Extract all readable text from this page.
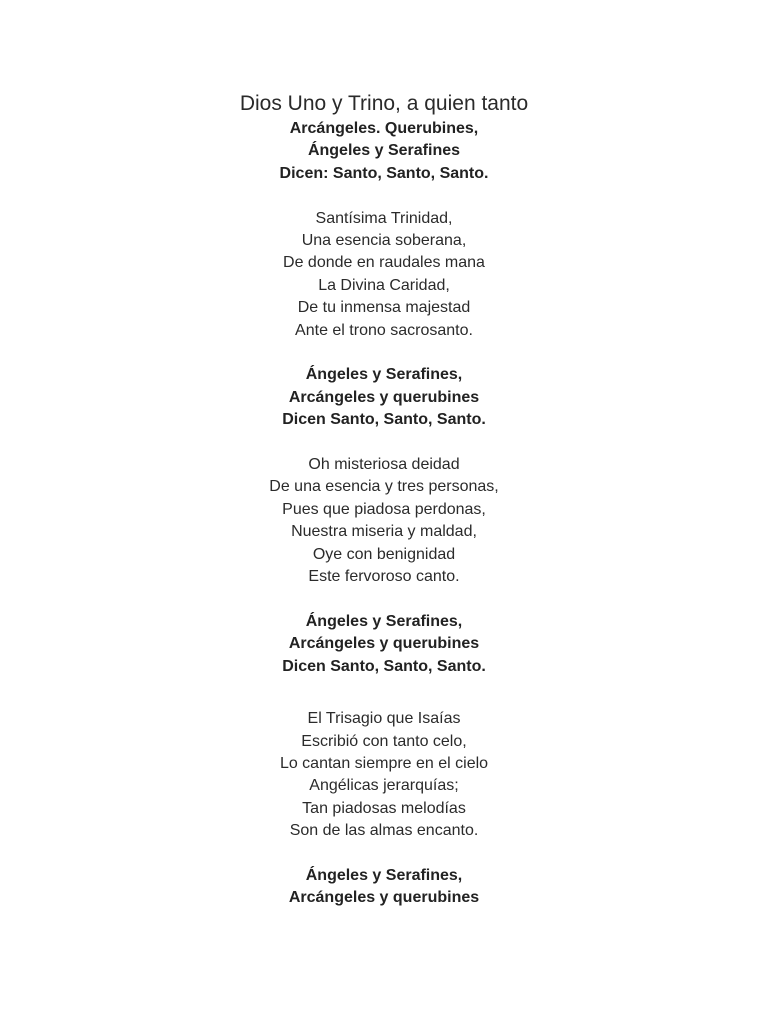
Dios Uno y Trino, a quien tanto
Arcángeles. Querubines,
Ángeles y Serafines
Dicen: Santo, Santo, Santo.
Santísima Trinidad,
Una esencia soberana,
De donde en raudales mana
La Divina Caridad,
De tu inmensa majestad
Ante el trono sacrosanto.
Ángeles y Serafines,
Arcángeles y querubines
Dicen Santo, Santo, Santo.
Oh misteriosa deidad
De una esencia y tres personas,
Pues que piadosa perdonas,
Nuestra miseria y maldad,
Oye con benignidad
Este fervoroso canto.
Ángeles y Serafines,
Arcángeles y querubines
Dicen Santo, Santo, Santo.
El Trisagio que Isaías
Escribió con tanto celo,
Lo cantan siempre en el cielo
Angélicas jerarquías;
Tan piadosas melodías
Son de las almas encanto.
Ángeles y Serafines,
Arcángeles y querubines
